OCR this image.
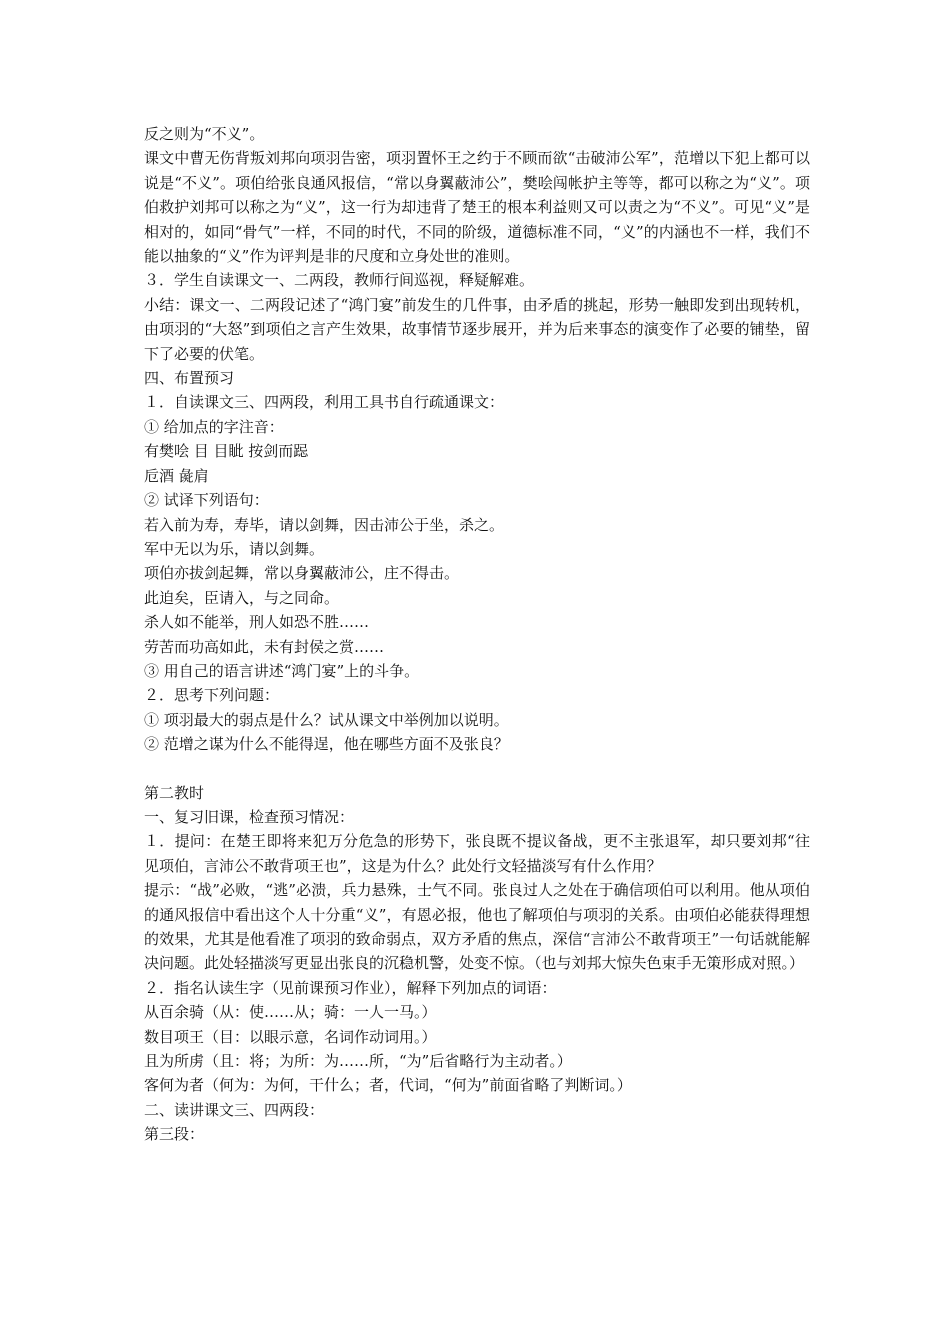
反之则为“不义”。

课文中曹无伤背叛刘邦向项羽告密，项羽置怀王之约于不顾而欲“击破沛公军”，范增以下犯上都可以说是“不义”。项伯给张良通风报信，“常以身翼蔽沛公”，樊哙闯帐护主等等，都可以称之为“义”。项伯救护刘邦可以称之为“义”，这一行为却违背了楚王的根本利益则又可以责之为“不义”。可见“义”是相对的，如同“骨气”一样，不同的时代，不同的阶级，道德标准不同，“义”的内涵也不一样，我们不能以抽象的“义”作为评判是非的尺度和立身处世的准则。

３．学生自读课文一、二两段，教师行间巡视，释疑解难。

小结：课文一、二两段记述了“鸿门宴”前发生的几件事，由矛盾的挑起，形势一触即发到出现转机，由项羽的“大怒”到项伯之言产生效果，故事情节逐步展开，并为后来事态的演变作了必要的铺垫，留下了必要的伏笔。

四、布置预习

１．自读课文三、四两段，利用工具书自行疏通课文：

① 给加点的字注音：

有樊哙 目 目眦 按剑而跽

卮酒 彘肩

② 试译下列语句：

若入前为寿，寿毕，请以剑舞，因击沛公于坐，杀之。

军中无以为乐，请以剑舞。

项伯亦拔剑起舞，常以身翼蔽沛公，庄不得击。

此迫矣，臣请入，与之同命。

杀人如不能举，刑人如恐不胜……

劳苦而功高如此，未有封侯之赏……

③ 用自己的语言讲述“鸿门宴”上的斗争。

２．思考下列问题：

① 项羽最大的弱点是什么？试从课文中举例加以说明。

② 范增之谋为什么不能得逞，他在哪些方面不及张良？

第二教时

一、复习旧课，检查预习情况：

１．提问：在楚王即将来犯万分危急的形势下，张良既不提议备战，更不主张退军，却只要刘邦“往见项伯，言沛公不敢背项王也”，这是为什么？此处行文轻描淡写有什么作用？

提示：“战”必败，“逃”必溃，兵力悬殊，士气不同。张良过人之处在于确信项伯可以利用。他从项伯的通风报信中看出这个人十分重“义”，有恩必报，他也了解项伯与项羽的关系。由项伯必能获得理想的效果，尤其是他看准了项羽的致命弱点，双方矛盾的焦点，深信“言沛公不敢背项王”一句话就能解决问题。此处轻描淡写更显出张良的沉稳机警，处变不惊。（也与刘邦大惊失色束手无策形成对照。）

２．指名认读生字（见前课预习作业），解释下列加点的词语：

从百余骑（从：使……从；骑：一人一马。）

数目项王（目：以眼示意，名词作动词用。）

且为所虏（且：将；为所：为……所，“为”后省略行为主动者。）

客何为者（何为：为何，干什么；者，代词，“何为”前面省略了判断词。）

二、读讲课文三、四两段：

第三段：
